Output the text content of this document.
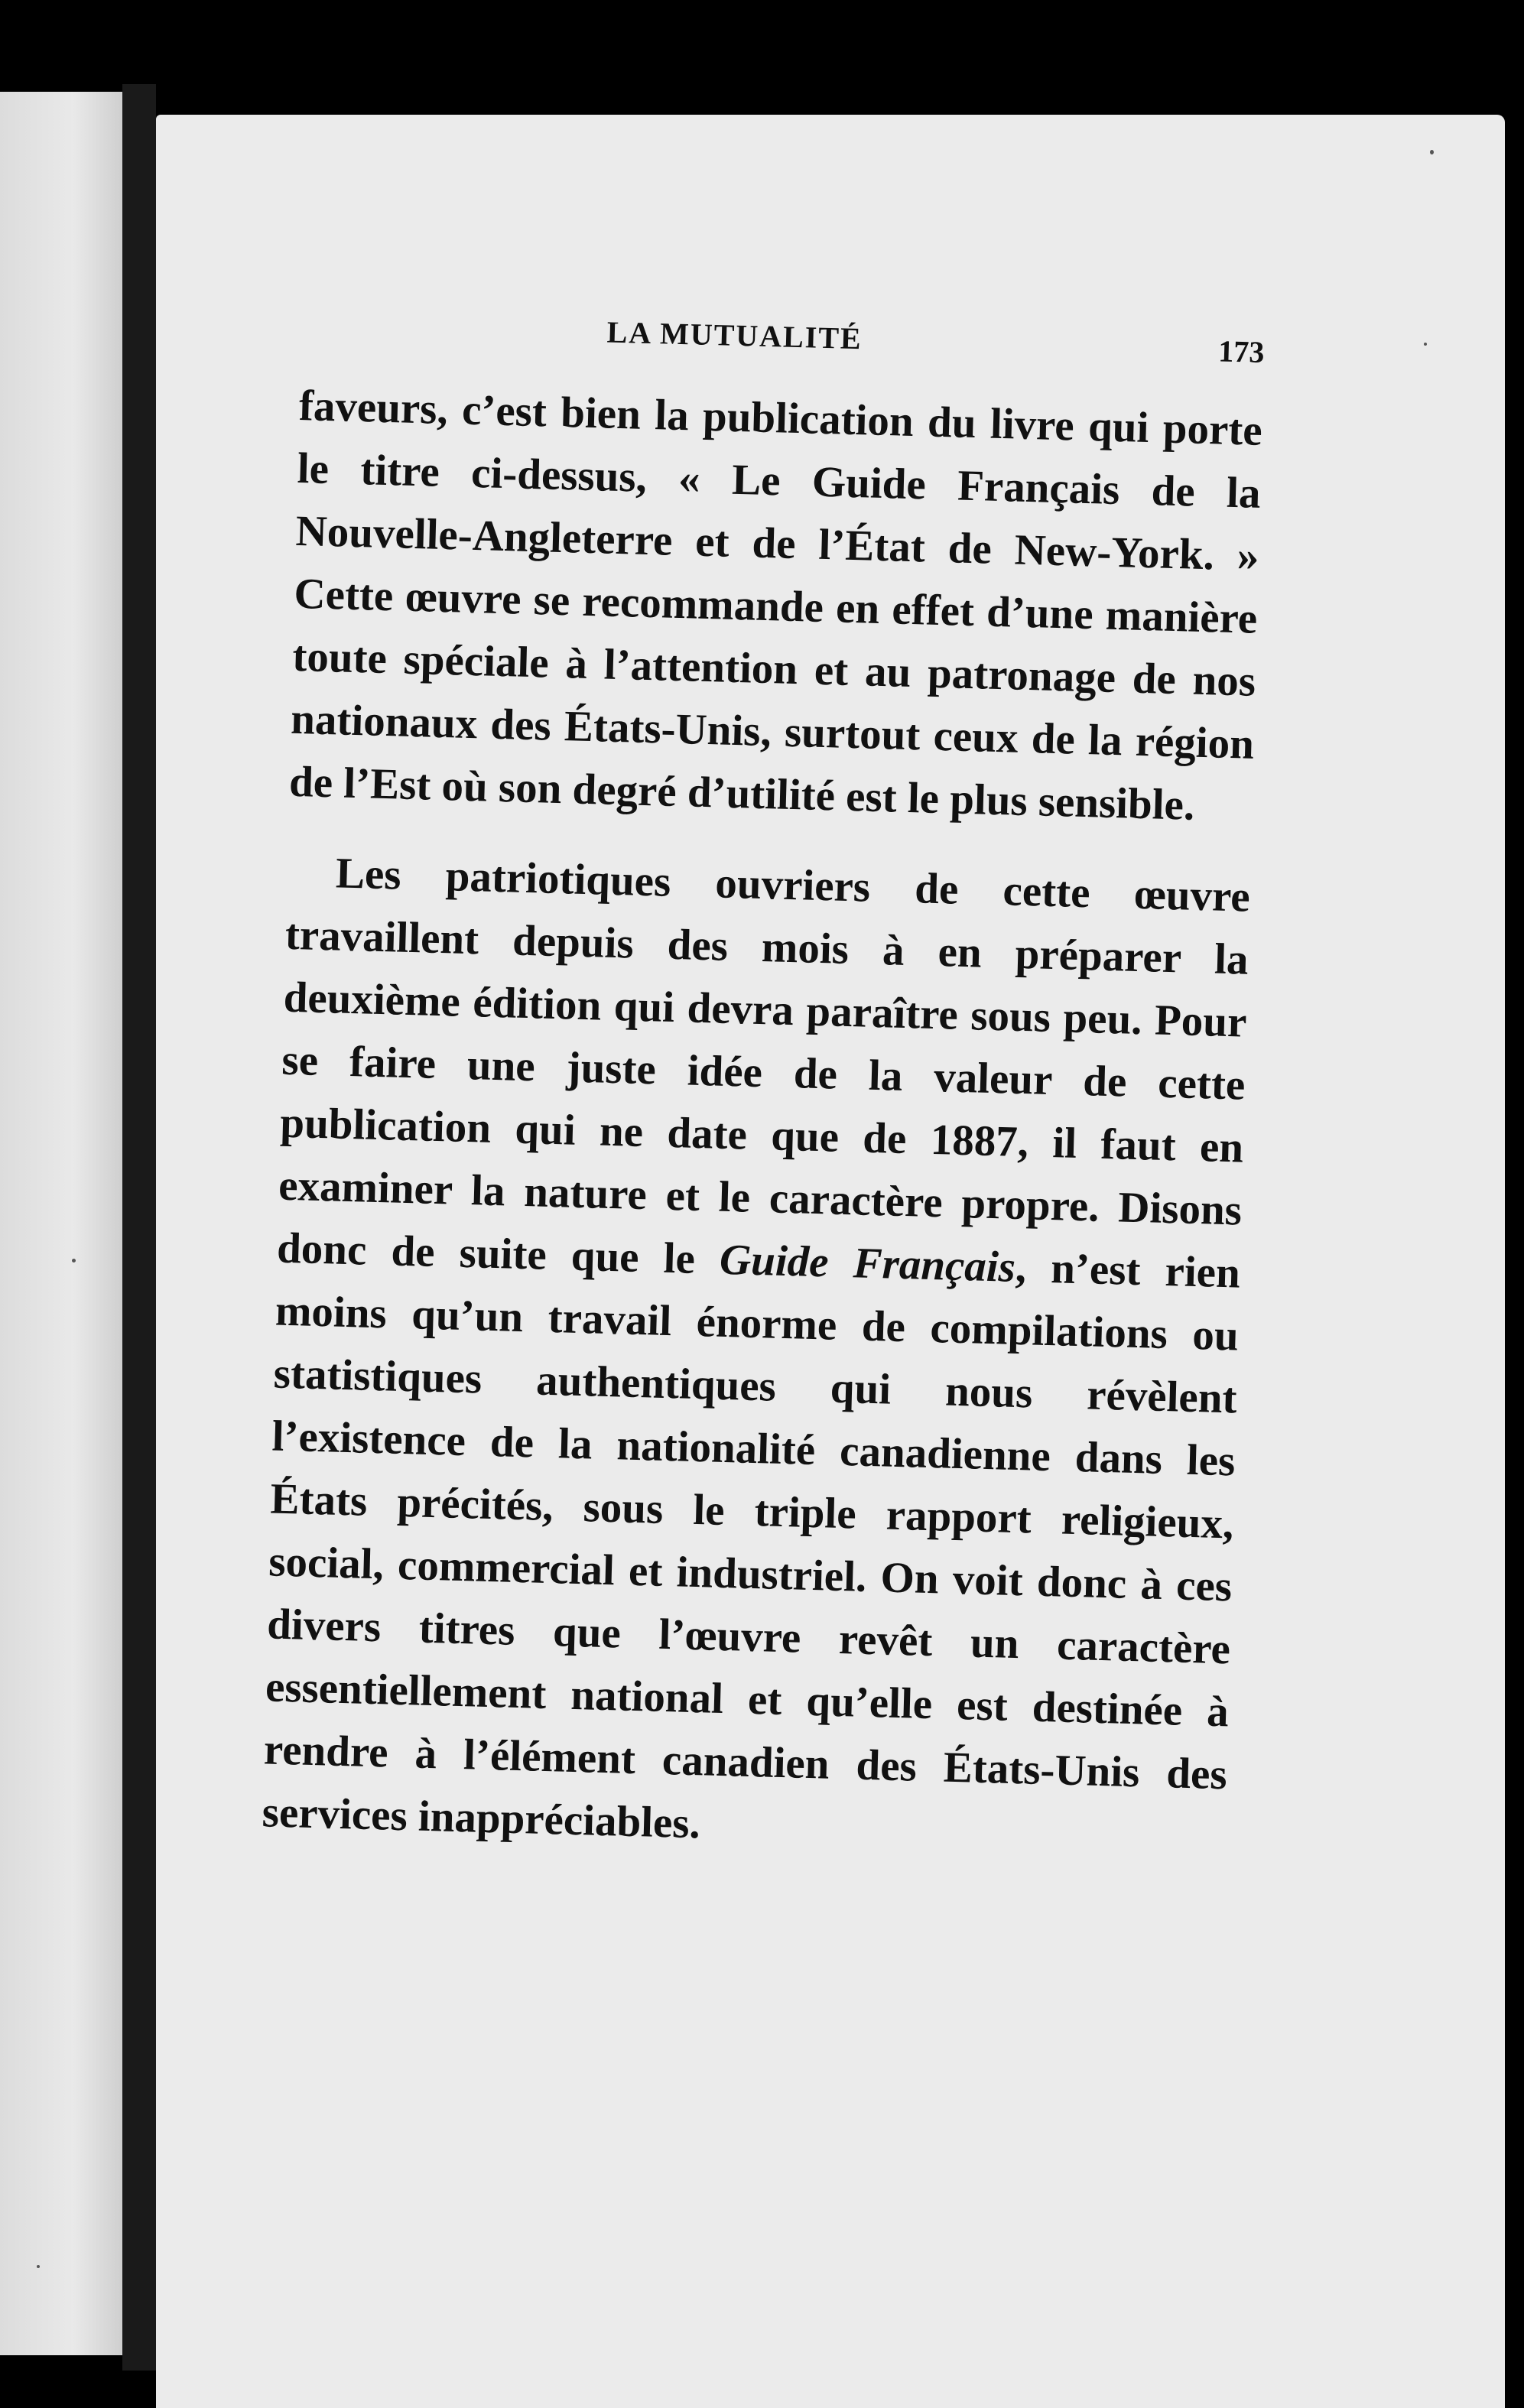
LA MUTUALITÉ	173

faveurs, c’est bien la publication du livre qui porte le titre ci-dessus, « Le Guide Français de la Nouvelle-Angleterre et de l’État de New-York. » Cette œuvre se recommande en effet d’une manière toute spéciale à l’attention et au patronage de nos nationaux des États-Unis, surtout ceux de la région de l’Est où son degré d’utilité est le plus sensible.

Les patriotiques ouvriers de cette œuvre travaillent depuis des mois à en préparer la deuxième édition qui devra paraître sous peu. Pour se faire une juste idée de la valeur de cette publication qui ne date que de 1887, il faut en examiner la nature et le caractère propre. Disons donc de suite que le Guide Français, n’est rien moins qu’un travail énorme de compilations ou statistiques authentiques qui nous révèlent l’existence de la nationalité canadienne dans les États précités, sous le triple rapport religieux, social, commercial et industriel. On voit donc à ces divers titres que l’œuvre revêt un caractère essentiellement national et qu’elle est destinée à rendre à l’élément canadien des États-Unis des services inappréciables.
